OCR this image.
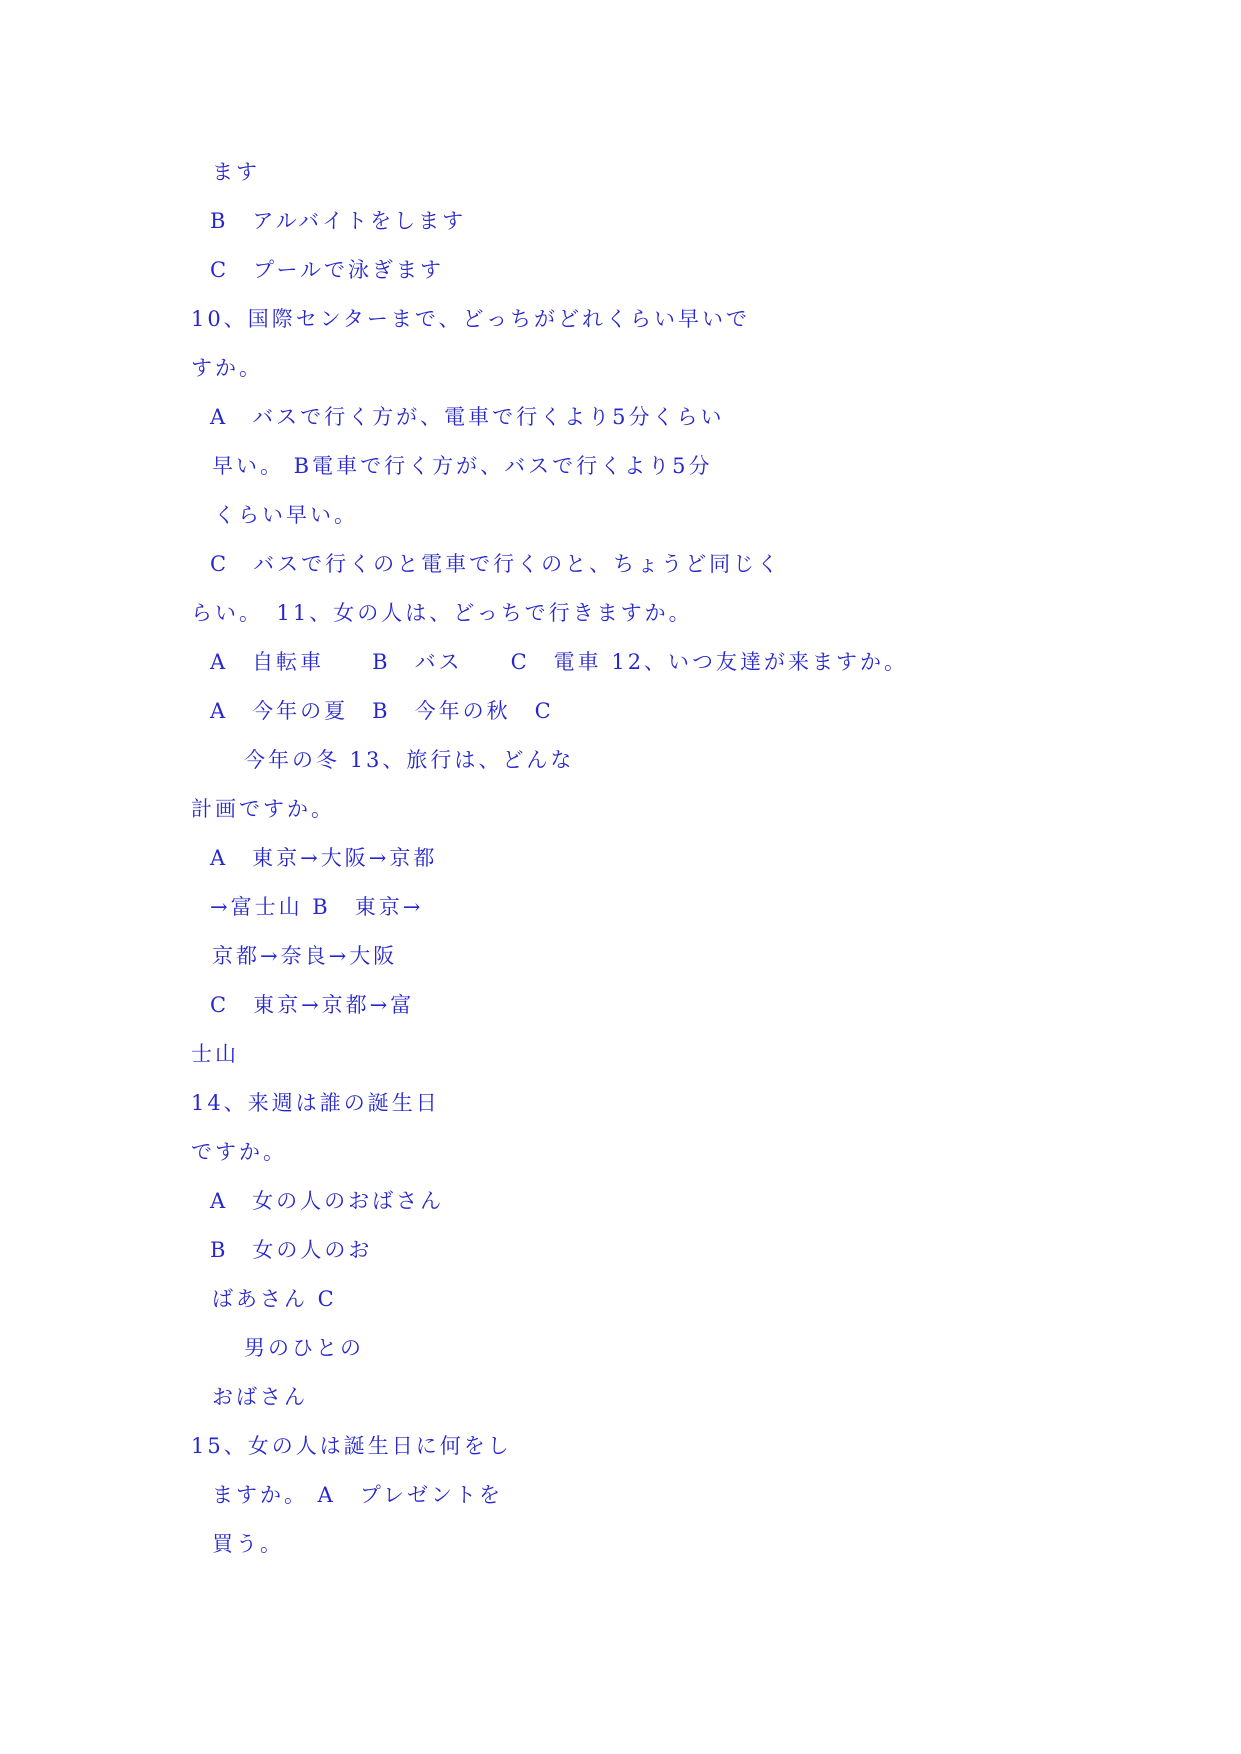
ます

B　アルバイトをします

C　プールで泳ぎます

10、国際センターまで、どっちがどれくらい早いで

すか。

A　バスで行く方が、電車で行くより5分くらい

早い。 B電車で行く方が、バスで行くより5分

くらい早い。

C　バスで行くのと電車で行くのと、ちょうど同じく

らい。　11、女の人は、どっちで行きますか。

A　自転車　　B　バス　　C　電車 12、いつ友達が来ますか。

A　今年の夏　B　今年の秋　C

今年の冬 13、旅行は、どんな

計画ですか。

A　東京→大阪→京都

→富士山 B　東京→

京都→奈良→大阪

C　東京→京都→富

士山

14、来週は誰の誕生日

ですか。

A　女の人のおばさん

B　女の人のお

ばあさん C

男のひとの

おばさん

15、女の人は誕生日に何をし

ますか。 A　プレゼントを

買う。
